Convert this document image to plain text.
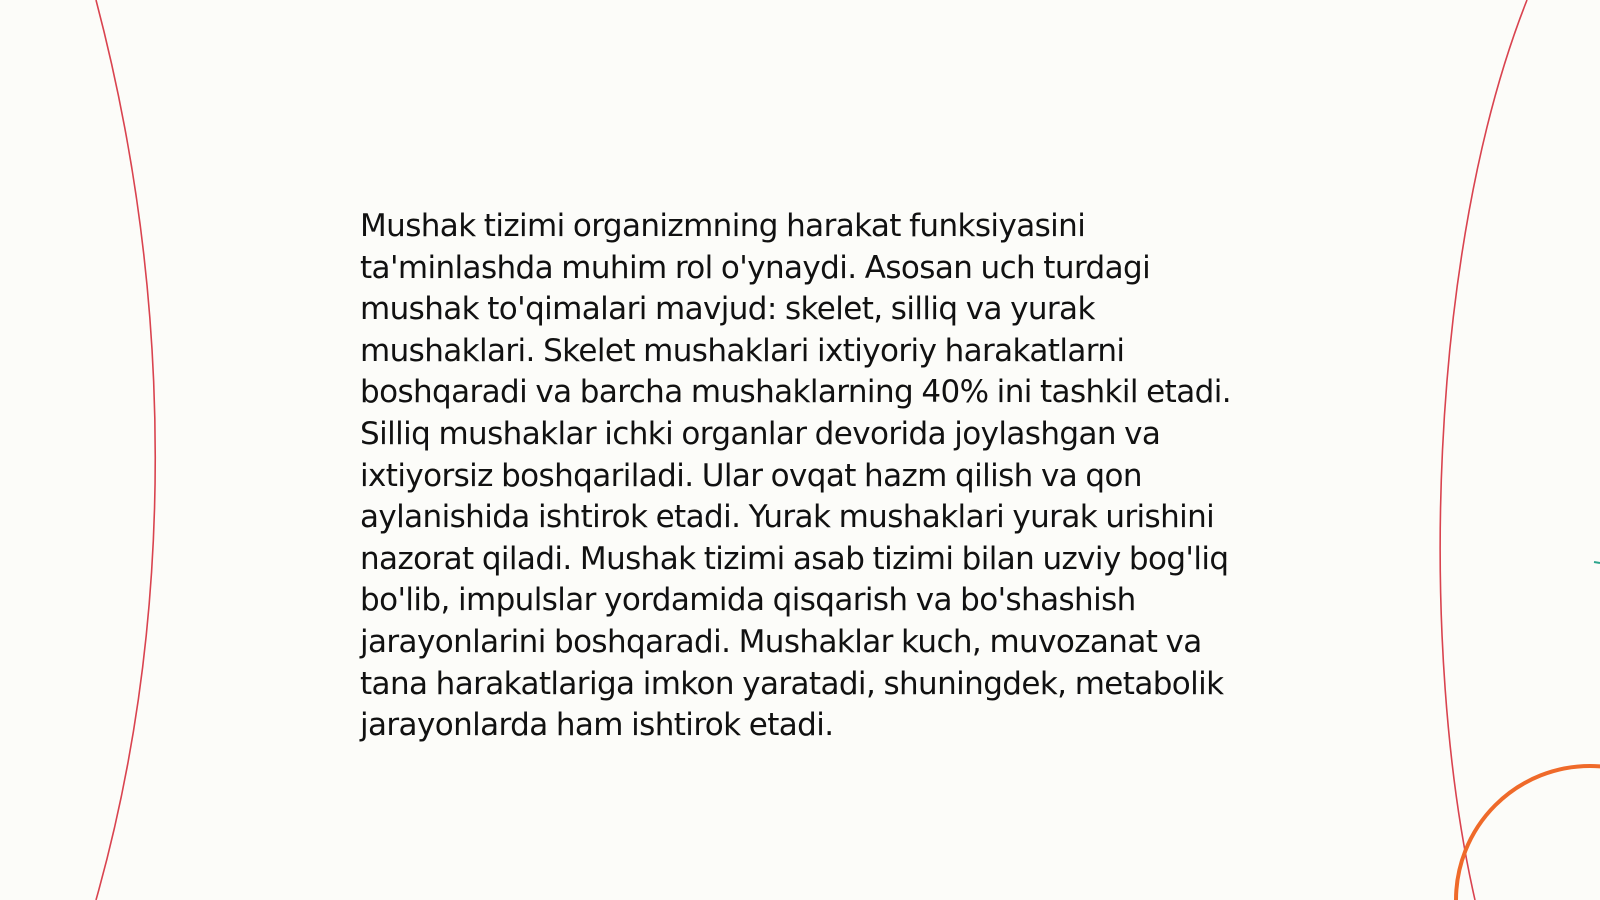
Mushak tizimi organizmning harakat funksiyasini ta'minlashda muhim rol o'ynaydi. Asosan uch turdagi mushak to'qimalari mavjud: skelet, silliq va yurak mushaklari. Skelet mushaklari ixtiyoriy harakatlarni boshqaradi va barcha mushaklarning 40% ini tashkil etadi. Silliq mushaklar ichki organlar devorida joylashgan va ixtiyorsiz boshqariladi. Ular ovqat hazm qilish va qon aylanishida ishtirok etadi. Yurak mushaklari yurak urishini nazorat qiladi. Mushak tizimi asab tizimi bilan uzviy bog'liq bo'lib, impulslar yordamida qisqarish va bo'shashish jarayonlarini boshqaradi. Mushaklar kuch, muvozanat va tana harakatlariga imkon yaratadi, shuningdek, metabolik jarayonlarda ham ishtirok etadi.
